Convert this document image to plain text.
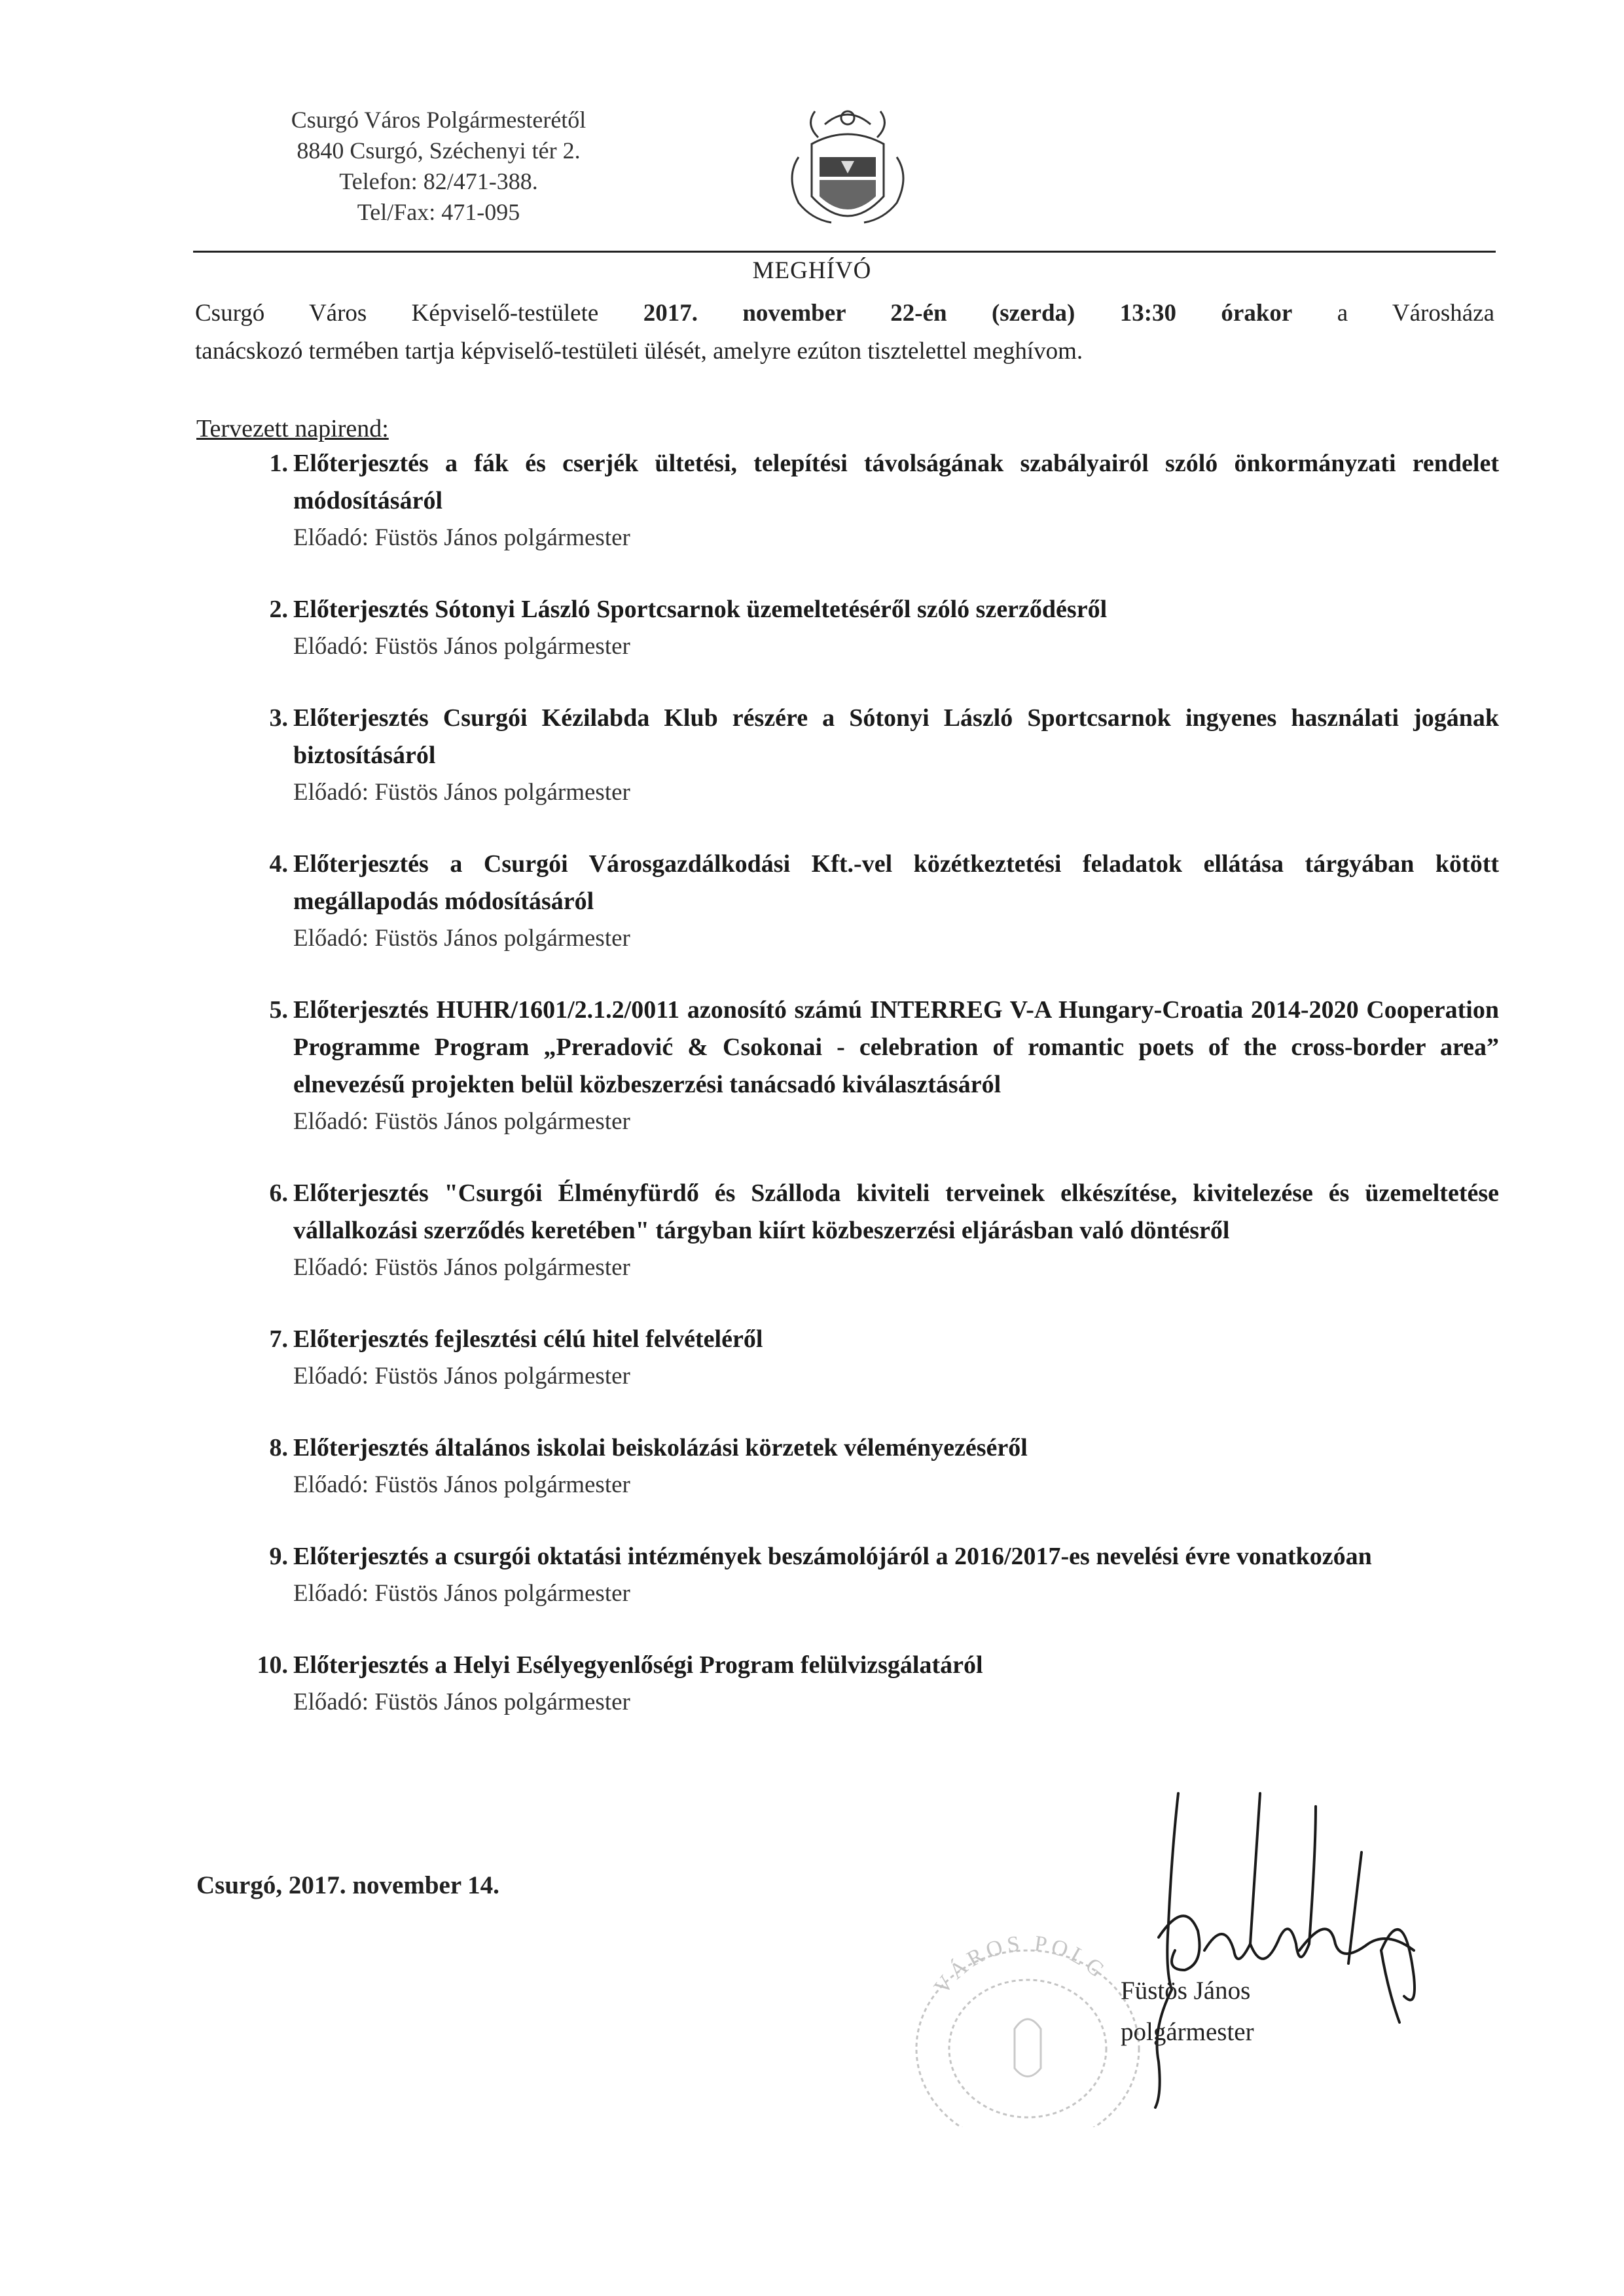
Csurgó Város Polgármesterétől
8840 Csurgó, Széchenyi tér 2.
Telefon: 82/471-388.
Tel/Fax: 471-095
MEGHÍVÓ
Csurgó Város Képviselő-testülete 2017. november 22-én (szerda) 13:30 órakor a Városháza
tanácskozó termében tartja képviselő-testületi ülését, amelyre ezúton tisztelettel meghívom.
Tervezett napirend:
1. Előterjesztés a fák és cserjék ültetési, telepítési távolságának szabályairól szóló önkormányzati rendelet módosításáról
Előadó: Füstös János polgármester
2. Előterjesztés Sótonyi László Sportcsarnok üzemeltetéséről szóló szerződésről
Előadó: Füstös János polgármester
3. Előterjesztés Csurgói Kézilabda Klub részére a Sótonyi László Sportcsarnok ingyenes használati jogának biztosításáról
Előadó: Füstös János polgármester
4. Előterjesztés a Csurgói Városgazdálkodási Kft.-vel közétkeztetési feladatok ellátása tárgyában kötött megállapodás módosításáról
Előadó: Füstös János polgármester
5. Előterjesztés HUHR/1601/2.1.2/0011 azonosító számú INTERREG V-A Hungary-Croatia 2014-2020 Cooperation Programme Program „Preradović & Csokonai - celebration of romantic poets of the cross-border area” elnevezésű projekten belül közbeszerzési tanácsadó kiválasztásáról
Előadó: Füstös János polgármester
6. Előterjesztés "Csurgói Élményfürdő és Szálloda kiviteli terveinek elkészítése, kivitelezése és üzemeltetése vállalkozási szerződés keretében" tárgyban kiírt közbeszerzési eljárásban való döntésről
Előadó: Füstös János polgármester
7. Előterjesztés fejlesztési célú hitel felvételéről
Előadó: Füstös János polgármester
8. Előterjesztés általános iskolai beiskolázási körzetek véleményezéséről
Előadó: Füstös János polgármester
9. Előterjesztés a csurgói oktatási intézmények beszámolójáról a 2016/2017-es nevelési évre vonatkozóan
Előadó: Füstös János polgármester
10. Előterjesztés a Helyi Esélyegyenlőségi Program felülvizsgálatáról
Előadó: Füstös János polgármester
Csurgó, 2017. november 14.
VÁROS POLG
Füstös János
polgármester
